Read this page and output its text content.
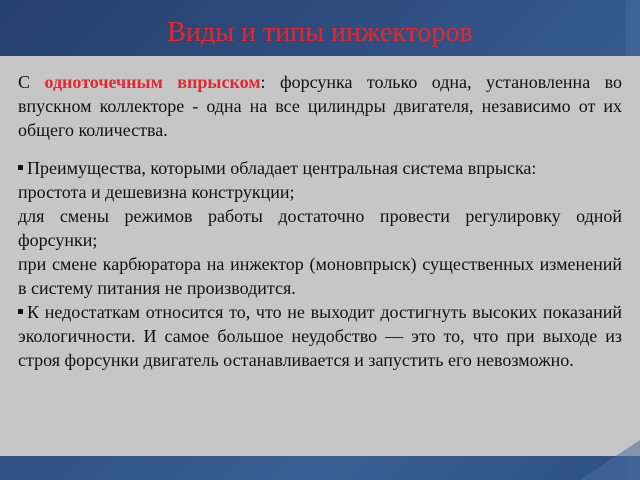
Виды и типы инжекторов

С одноточечным впрыском: форсунка только одна, установленна во впускном коллекторе - одна на все цилиндры двигателя, независимо от их общего количества.

Преимущества, которыми обладает центральная система впрыска:

простота и дешевизна конструкции;

для смены режимов работы достаточно провести регулировку одной форсунки;

при смене карбюратора на инжектор (моновпрыск) существенных изменений в систему питания не производится.

К недостаткам относится то, что не выходит достигнуть высоких показаний экологичности. И самое большое неудобство — это то, что при выходе из строя форсунки двигатель останавливается и запустить его невозможно.
